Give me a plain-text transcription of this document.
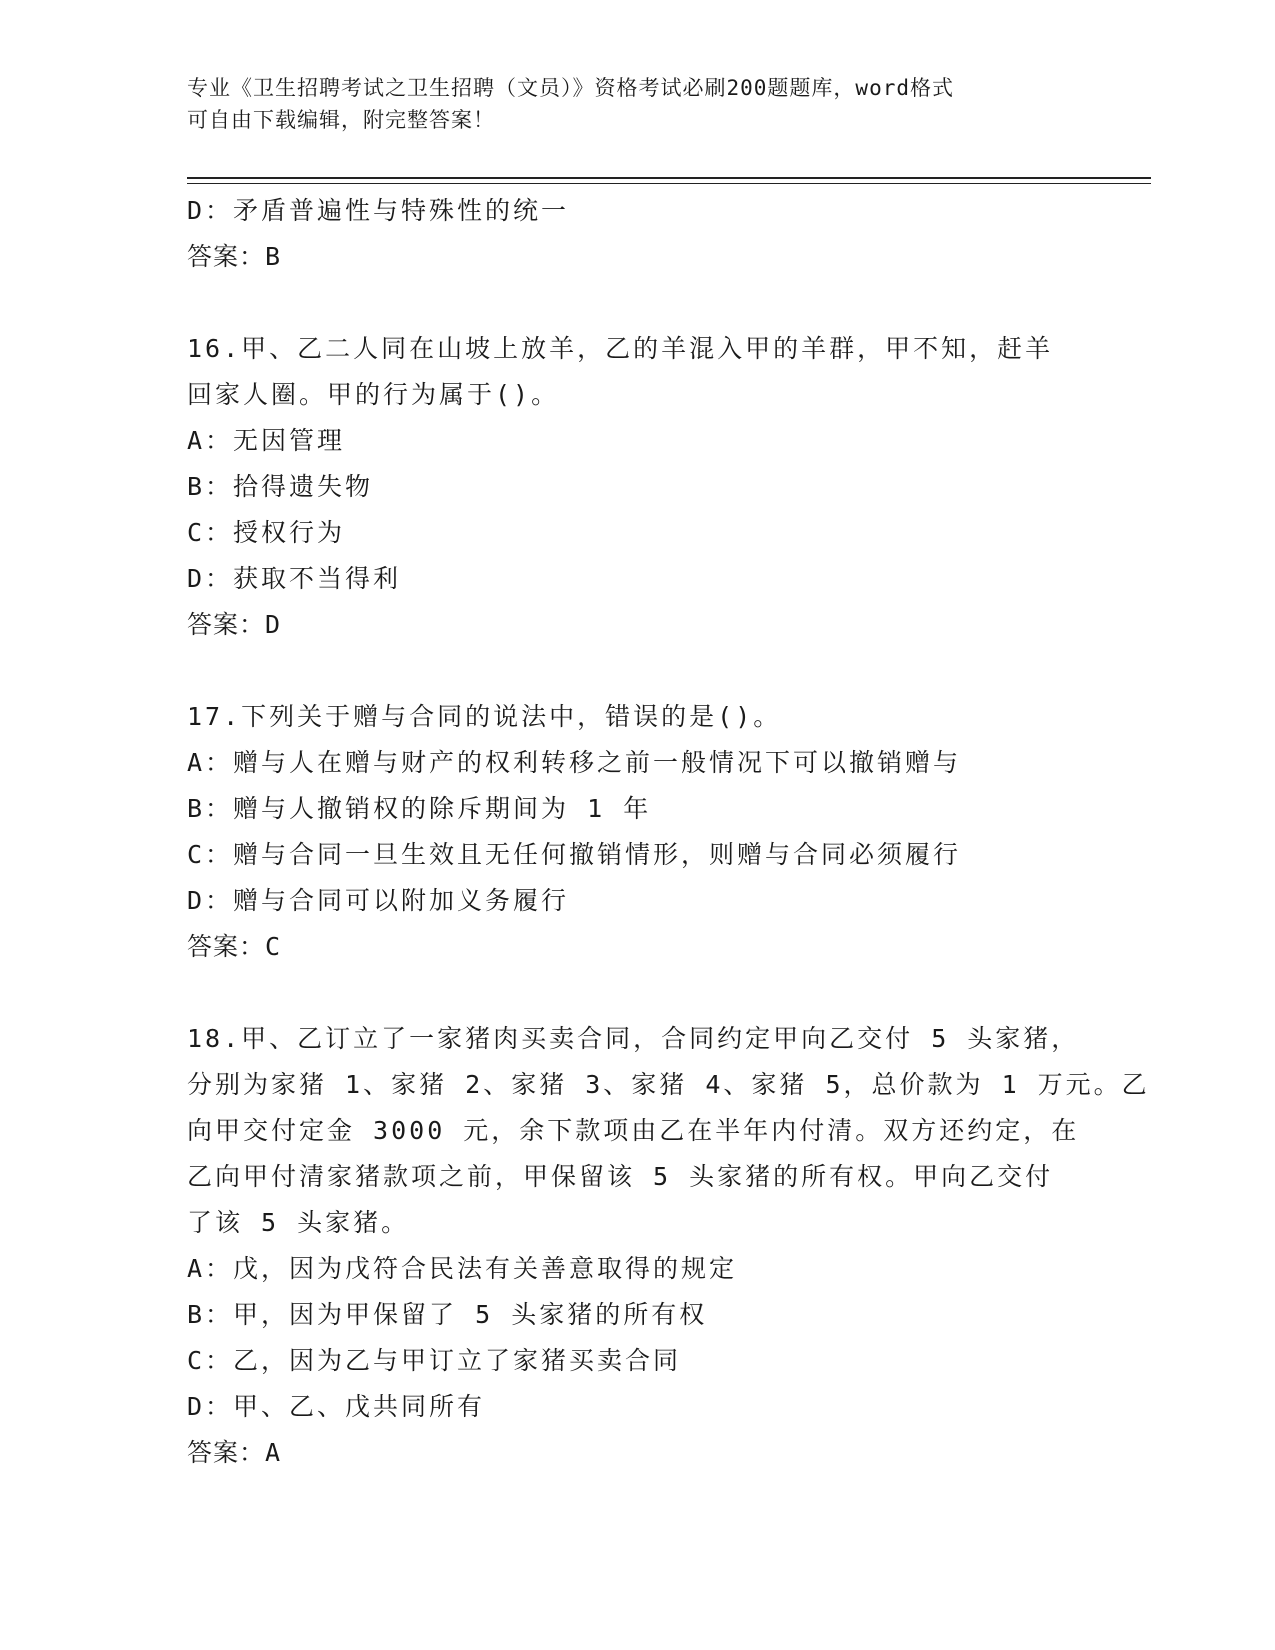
专业《卫生招聘考试之卫生招聘（文员）》资格考试必刷200题题库，word格式
可自由下载编辑，附完整答案！
D：矛盾普遍性与特殊性的统一
答案：B
16.甲、乙二人同在山坡上放羊，乙的羊混入甲的羊群，甲不知，赶羊
回家人圈。甲的行为属于()。
A：无因管理
B：拾得遗失物
C：授权行为
D：获取不当得利
答案：D
17.下列关于赠与合同的说法中，错误的是()。
A：赠与人在赠与财产的权利转移之前一般情况下可以撤销赠与
B：赠与人撤销权的除斥期间为 1 年
C：赠与合同一旦生效且无任何撤销情形，则赠与合同必须履行
D：赠与合同可以附加义务履行
答案：C
18.甲、乙订立了一家猪肉买卖合同，合同约定甲向乙交付 5 头家猪，
分别为家猪 1、家猪 2、家猪 3、家猪 4、家猪 5，总价款为 1 万元。乙
向甲交付定金 3000 元，余下款项由乙在半年内付清。双方还约定，在
乙向甲付清家猪款项之前，甲保留该 5 头家猪的所有权。甲向乙交付
了该 5 头家猪。
A：戊，因为戊符合民法有关善意取得的规定
B：甲，因为甲保留了 5 头家猪的所有权
C：乙，因为乙与甲订立了家猪买卖合同
D：甲、乙、戊共同所有
答案：A
